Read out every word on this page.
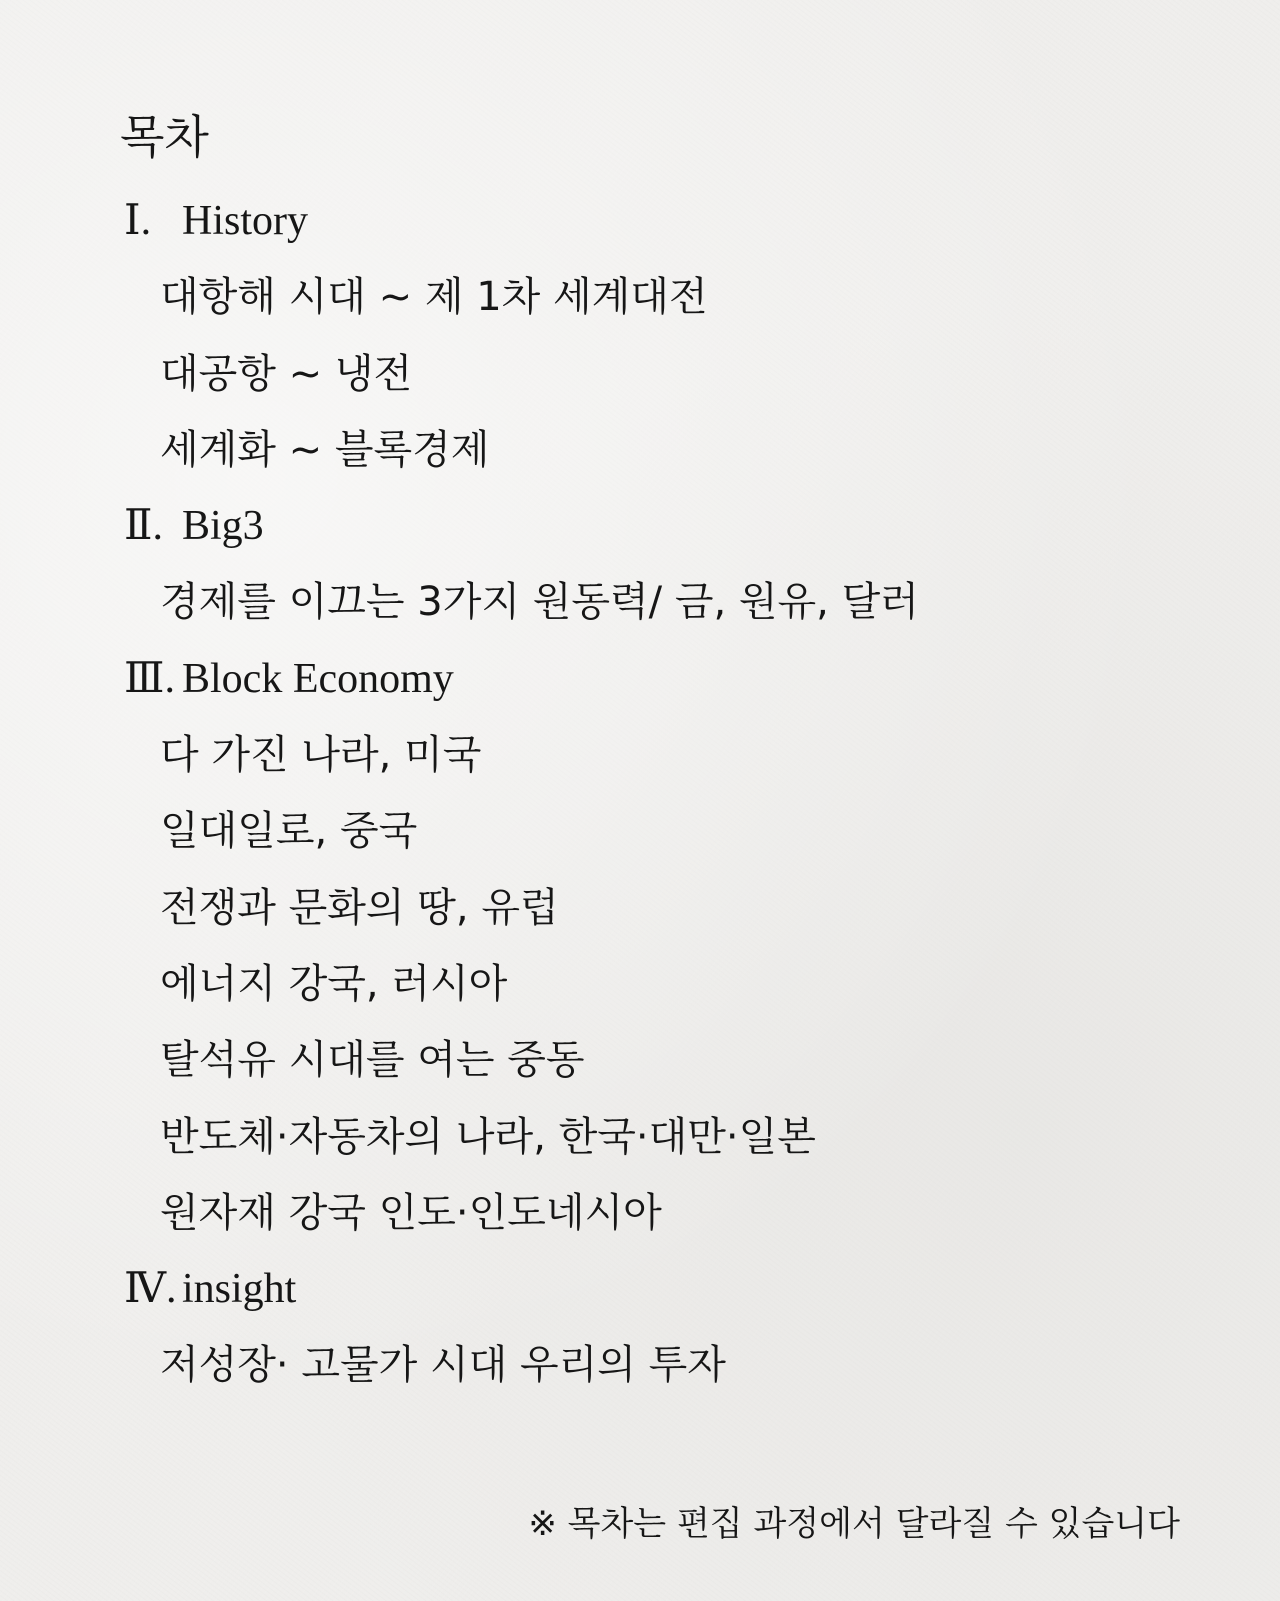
목차
Ⅰ. History
대항해 시대 ~ 제 1차 세계대전
대공항 ~ 냉전
세계화 ~ 블록경제
Ⅱ. Big3
경제를 이끄는 3가지 원동력/ 금, 원유, 달러
Ⅲ. Block Economy
다 가진 나라, 미국
일대일로, 중국
전쟁과 문화의 땅, 유럽
에너지 강국, 러시아
탈석유 시대를 여는 중동
반도체·자동차의 나라, 한국·대만·일본
원자재 강국 인도·인도네시아
Ⅳ. insight
저성장· 고물가 시대 우리의 투자
※ 목차는 편집 과정에서 달라질 수 있습니다
